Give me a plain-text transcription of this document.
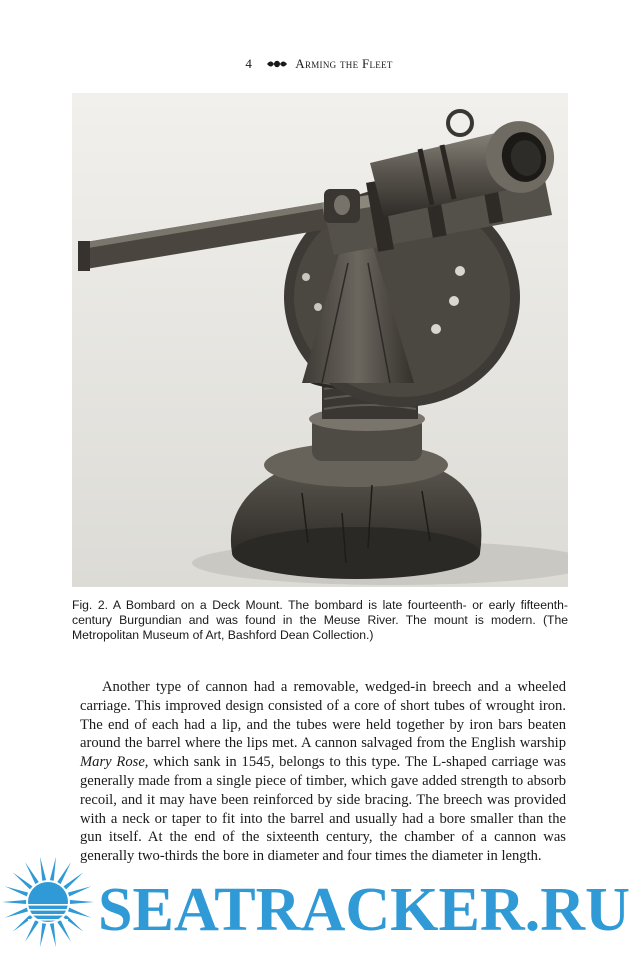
4	Arming the Fleet
Fig. 2. A Bombard on a Deck Mount. The bombard is late fourteenth- or early fifteenth-century Burgundian and was found in the Meuse River. The mount is modern. (The Metropolitan Museum of Art, Bashford Dean Collection.)

Another type of cannon had a removable, wedged-in breech and a wheeled carriage. This improved design consisted of a core of short tubes of wrought iron. The end of each had a lip, and the tubes were held together by iron bars beaten around the barrel where the lips met. A cannon salvaged from the English warship Mary Rose, which sank in 1545, belongs to this type. The L-shaped carriage was generally made from a single piece of timber, which gave added strength to absorb recoil, and it may have been reinforced by side bracing. The breech was provided with a neck or taper to fit into the barrel and usually had a bore smaller than the gun itself. At the end of the sixteenth century, the chamber of a cannon was generally two-thirds the bore in diameter and four times the diameter in length.

SEATRACKER.RU
